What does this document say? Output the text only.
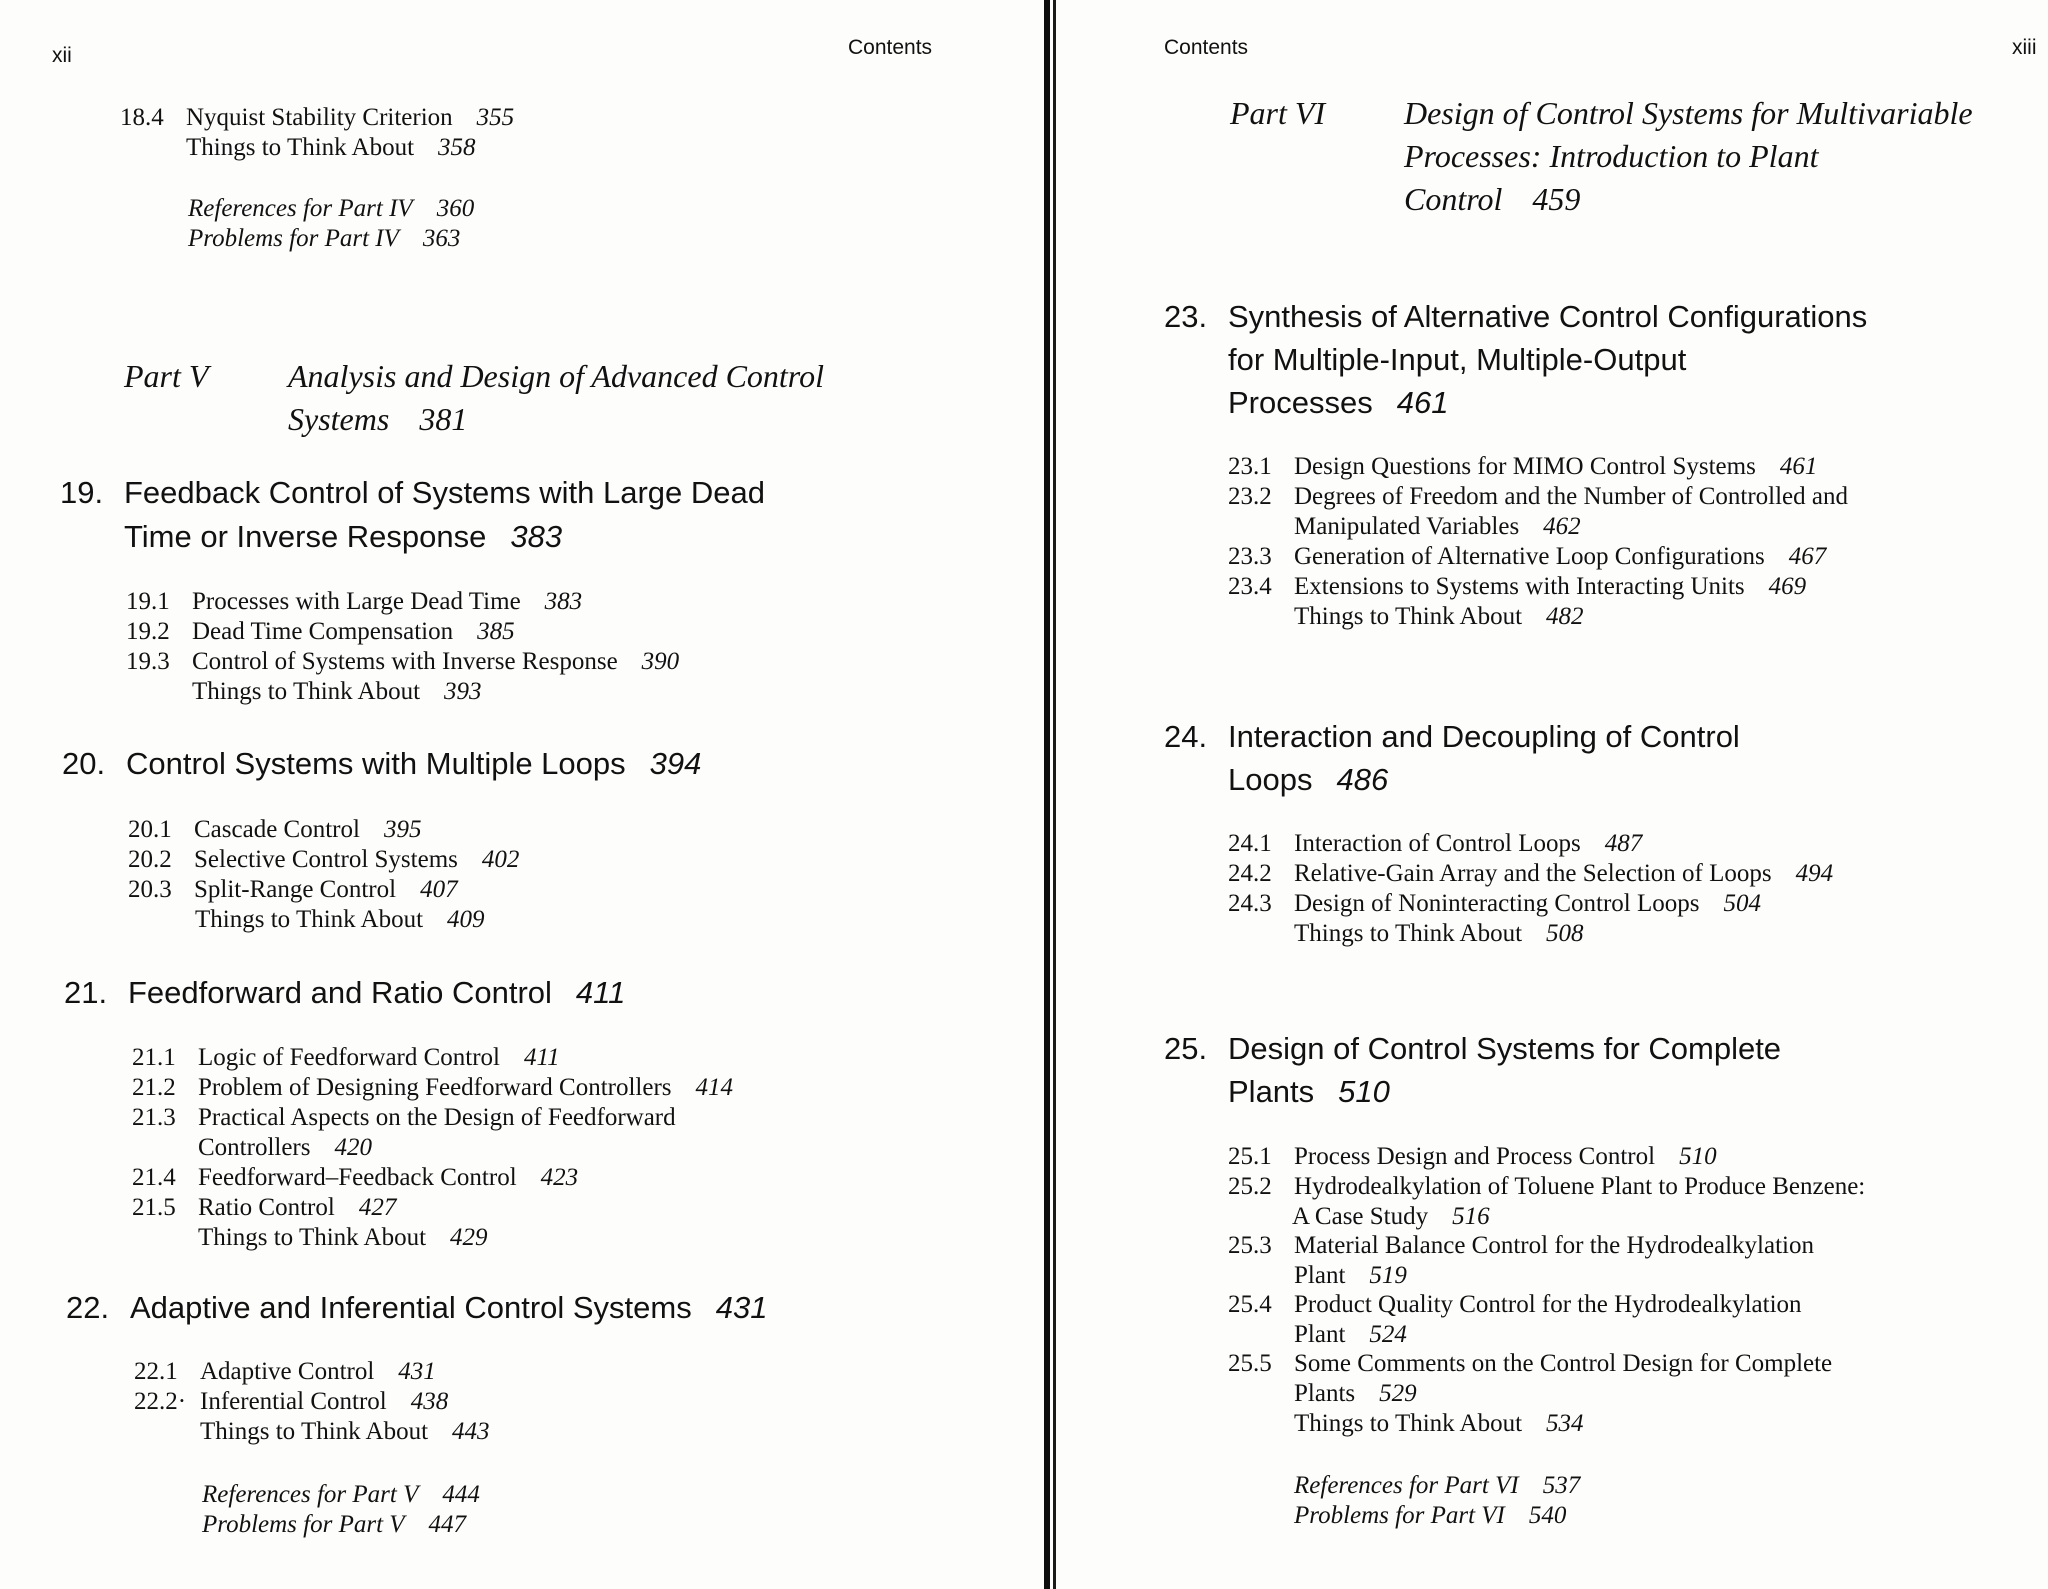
xii	Contents
18.4 Nyquist Stability Criterion 355
Things to Think About 358
References for Part IV 360
Problems for Part IV 363
Part V Analysis and Design of Advanced Control
Systems 381
19. Feedback Control of Systems with Large Dead
Time or Inverse Response 383
19.1 Processes with Large Dead Time 383
19.2 Dead Time Compensation 385
19.3 Control of Systems with Inverse Response 390
Things to Think About 393
20. Control Systems with Multiple Loops 394
20.1 Cascade Control 395
20.2 Selective Control Systems 402
20.3 Split-Range Control 407
Things to Think About 409
21. Feedforward and Ratio Control 411
21.1 Logic of Feedforward Control 411
21.2 Problem of Designing Feedforward Controllers 414
21.3 Practical Aspects on the Design of Feedforward
Controllers 420
21.4 Feedforward–Feedback Control 423
21.5 Ratio Control 427
Things to Think About 429
22. Adaptive and Inferential Control Systems 431
22.1 Adaptive Control 431
22.2· Inferential Control 438
Things to Think About 443
References for Part V 444
Problems for Part V 447
Contents	xiii
Part VI Design of Control Systems for Multivariable
Processes: Introduction to Plant
Control 459
23. Synthesis of Alternative Control Configurations
for Multiple-Input, Multiple-Output
Processes 461
23.1 Design Questions for MIMO Control Systems 461
23.2 Degrees of Freedom and the Number of Controlled and
Manipulated Variables 462
23.3 Generation of Alternative Loop Configurations 467
23.4 Extensions to Systems with Interacting Units 469
Things to Think About 482
24. Interaction and Decoupling of Control
Loops 486
24.1 Interaction of Control Loops 487
24.2 Relative-Gain Array and the Selection of Loops 494
24.3 Design of Noninteracting Control Loops 504
Things to Think About 508
25. Design of Control Systems for Complete
Plants 510
25.1 Process Design and Process Control 510
25.2 Hydrodealkylation of Toluene Plant to Produce Benzene:
A Case Study 516
25.3 Material Balance Control for the Hydrodealkylation
Plant 519
25.4 Product Quality Control for the Hydrodealkylation
Plant 524
25.5 Some Comments on the Control Design for Complete
Plants 529
Things to Think About 534
References for Part VI 537
Problems for Part VI 540
